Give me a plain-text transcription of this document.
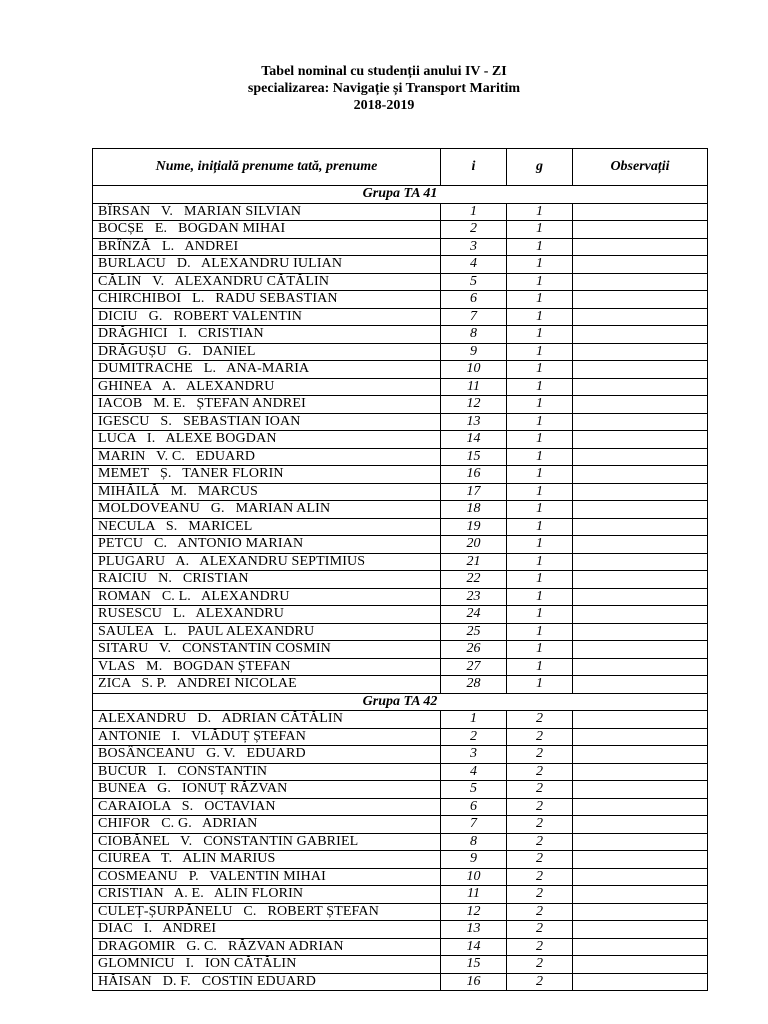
Tabel nominal cu studenții anului IV - ZI
specializarea: Navigație și Transport Maritim
2018-2019
Nume, inițială prenume tată, prenume	i	g	Observații
Grupa TA 41			
BÎRSAN   V.   MARIAN SILVIAN	1	1	
BOCȘE   E.   BOGDAN MIHAI	2	1	
BRÎNZĂ   L.   ANDREI	3	1	
BURLACU   D.   ALEXANDRU IULIAN	4	1	
CĂLIN   V.   ALEXANDRU CĂTĂLIN	5	1	
CHIRCHIBOI   L.   RADU SEBASTIAN	6	1	
DICIU   G.   ROBERT VALENTIN	7	1	
DRĂGHICI   I.   CRISTIAN	8	1	
DRĂGUȘU   G.   DANIEL	9	1	
DUMITRACHE   L.   ANA-MARIA	10	1	
GHINEA   A.   ALEXANDRU	11	1	
IACOB   M. E.   ȘTEFAN ANDREI	12	1	
IGESCU   S.   SEBASTIAN IOAN	13	1	
LUCA   I.   ALEXE BOGDAN	14	1	
MARIN   V. C.   EDUARD	15	1	
MEMET   Ș.   TANER FLORIN	16	1	
MIHĂILĂ   M.   MARCUS	17	1	
MOLDOVEANU   G.   MARIAN ALIN	18	1	
NECULA   S.   MARICEL	19	1	
PETCU   C.   ANTONIO MARIAN	20	1	
PLUGARU   A.   ALEXANDRU SEPTIMIUS	21	1	
RAICIU   N.   CRISTIAN	22	1	
ROMAN   C. L.   ALEXANDRU	23	1	
RUSESCU   L.   ALEXANDRU	24	1	
SAULEA   L.   PAUL ALEXANDRU	25	1	
SITARU   V.   CONSTANTIN COSMIN	26	1	
VLAS   M.   BOGDAN ȘTEFAN	27	1	
ZICA   S. P.   ANDREI NICOLAE	28	1	
Grupa TA 42			
ALEXANDRU   D.   ADRIAN CĂTĂLIN	1	2	
ANTONIE   I.   VLĂDUȚ ȘTEFAN	2	2	
BOSÂNCEANU   G. V.   EDUARD	3	2	
BUCUR   I.   CONSTANTIN	4	2	
BUNEA   G.   IONUȚ RĂZVAN	5	2	
CARAIOLA   S.   OCTAVIAN	6	2	
CHIFOR   C. G.   ADRIAN	7	2	
CIOBĂNEL   V.   CONSTANTIN GABRIEL	8	2	
CIUREA   T.   ALIN MARIUS	9	2	
COSMEANU   P.   VALENTIN MIHAI	10	2	
CRISTIAN   A. E.   ALIN FLORIN	11	2	
CULEȚ-ȘURPĂNELU   C.   ROBERT ȘTEFAN	12	2	
DIAC   I.   ANDREI	13	2	
DRAGOMIR   G. C.   RĂZVAN ADRIAN	14	2	
GLOMNICU   I.   ION CĂTĂLIN	15	2	
HĂISAN   D. F.   COSTIN EDUARD	16	2	
